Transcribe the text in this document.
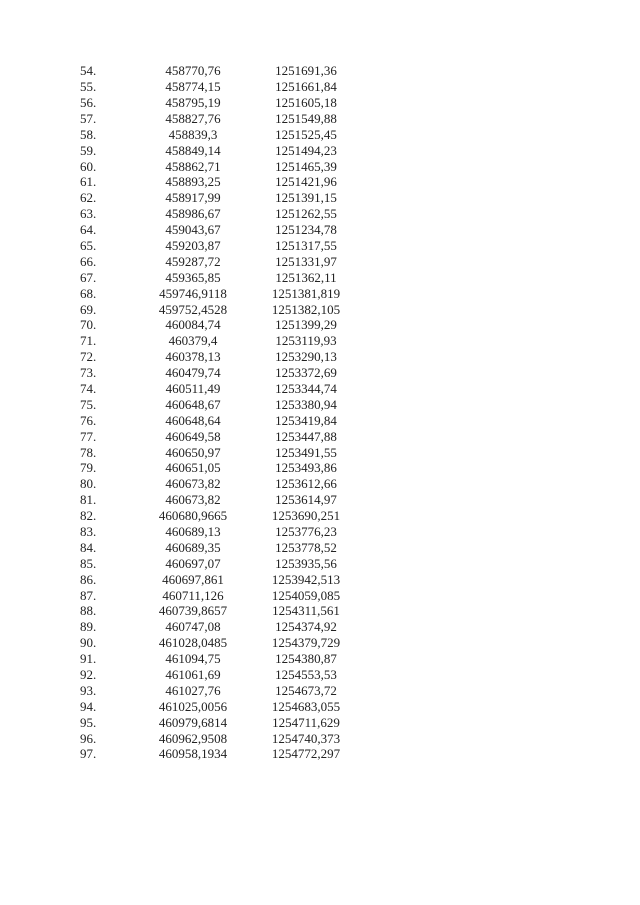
54.	458770,76	1251691,36
55.	458774,15	1251661,84
56.	458795,19	1251605,18
57.	458827,76	1251549,88
58.	458839,3	1251525,45
59.	458849,14	1251494,23
60.	458862,71	1251465,39
61.	458893,25	1251421,96
62.	458917,99	1251391,15
63.	458986,67	1251262,55
64.	459043,67	1251234,78
65.	459203,87	1251317,55
66.	459287,72	1251331,97
67.	459365,85	1251362,11
68.	459746,9118	1251381,819
69.	459752,4528	1251382,105
70.	460084,74	1251399,29
71.	460379,4	1253119,93
72.	460378,13	1253290,13
73.	460479,74	1253372,69
74.	460511,49	1253344,74
75.	460648,67	1253380,94
76.	460648,64	1253419,84
77.	460649,58	1253447,88
78.	460650,97	1253491,55
79.	460651,05	1253493,86
80.	460673,82	1253612,66
81.	460673,82	1253614,97
82.	460680,9665	1253690,251
83.	460689,13	1253776,23
84.	460689,35	1253778,52
85.	460697,07	1253935,56
86.	460697,861	1253942,513
87.	460711,126	1254059,085
88.	460739,8657	1254311,561
89.	460747,08	1254374,92
90.	461028,0485	1254379,729
91.	461094,75	1254380,87
92.	461061,69	1254553,53
93.	461027,76	1254673,72
94.	461025,0056	1254683,055
95.	460979,6814	1254711,629
96.	460962,9508	1254740,373
97.	460958,1934	1254772,297
